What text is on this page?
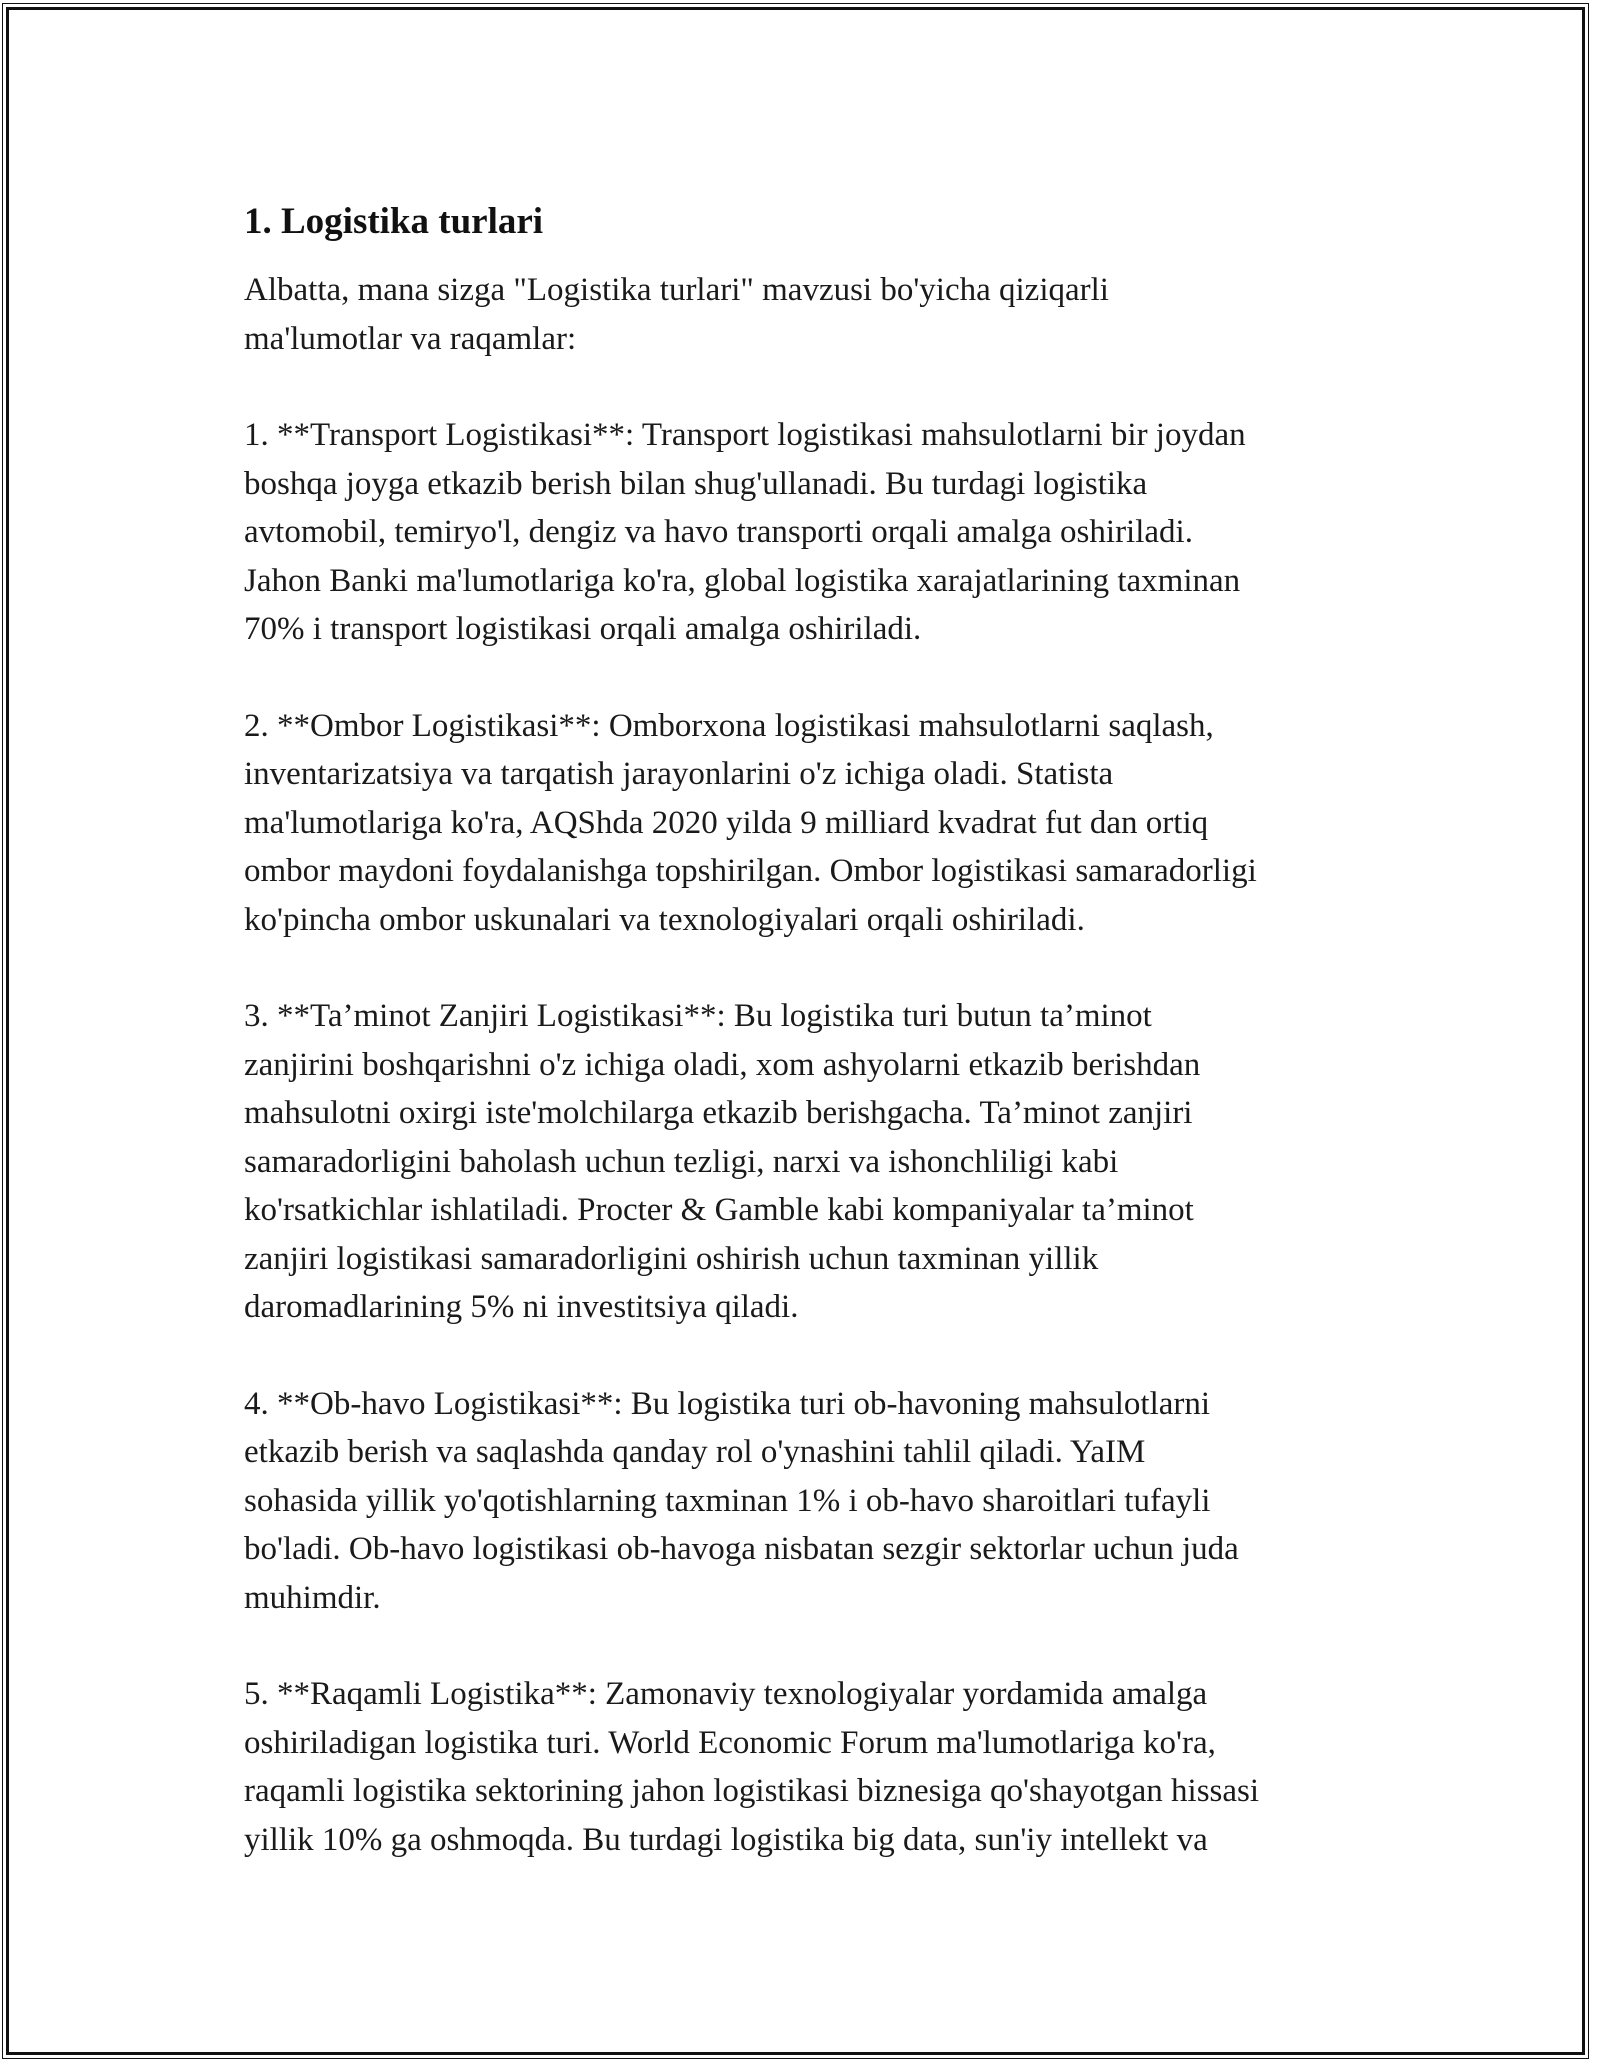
1. Logistika turlari

Albatta, mana sizga "Logistika turlari" mavzusi bo'yicha qiziqarli
ma'lumotlar va raqamlar:

1. **Transport Logistikasi**: Transport logistikasi mahsulotlarni bir joydan
boshqa joyga etkazib berish bilan shug'ullanadi. Bu turdagi logistika
avtomobil, temiryo'l, dengiz va havo transporti orqali amalga oshiriladi.
Jahon Banki ma'lumotlariga ko'ra, global logistika xarajatlarining taxminan
70% i transport logistikasi orqali amalga oshiriladi.

2. **Ombor Logistikasi**: Omborxona logistikasi mahsulotlarni saqlash,
inventarizatsiya va tarqatish jarayonlarini o'z ichiga oladi. Statista
ma'lumotlariga ko'ra, AQShda 2020 yilda 9 milliard kvadrat fut dan ortiq
ombor maydoni foydalanishga topshirilgan. Ombor logistikasi samaradorligi
ko'pincha ombor uskunalari va texnologiyalari orqali oshiriladi.

3. **Ta’minot Zanjiri Logistikasi**: Bu logistika turi butun ta’minot
zanjirini boshqarishni o'z ichiga oladi, xom ashyolarni etkazib berishdan
mahsulotni oxirgi iste'molchilarga etkazib berishgacha. Ta’minot zanjiri
samaradorligini baholash uchun tezligi, narxi va ishonchliligi kabi
ko'rsatkichlar ishlatiladi. Procter & Gamble kabi kompaniyalar ta’minot
zanjiri logistikasi samaradorligini oshirish uchun taxminan yillik
daromadlarining 5% ni investitsiya qiladi.

4. **Ob-havo Logistikasi**: Bu logistika turi ob-havoning mahsulotlarni
etkazib berish va saqlashda qanday rol o'ynashini tahlil qiladi. YaIM
sohasida yillik yo'qotishlarning taxminan 1% i ob-havo sharoitlari tufayli
bo'ladi. Ob-havo logistikasi ob-havoga nisbatan sezgir sektorlar uchun juda
muhimdir.

5. **Raqamli Logistika**: Zamonaviy texnologiyalar yordamida amalga
oshiriladigan logistika turi. World Economic Forum ma'lumotlariga ko'ra,
raqamli logistika sektorining jahon logistikasi biznesiga qo'shayotgan hissasi
yillik 10% ga oshmoqda. Bu turdagi logistika big data, sun'iy intellekt va
